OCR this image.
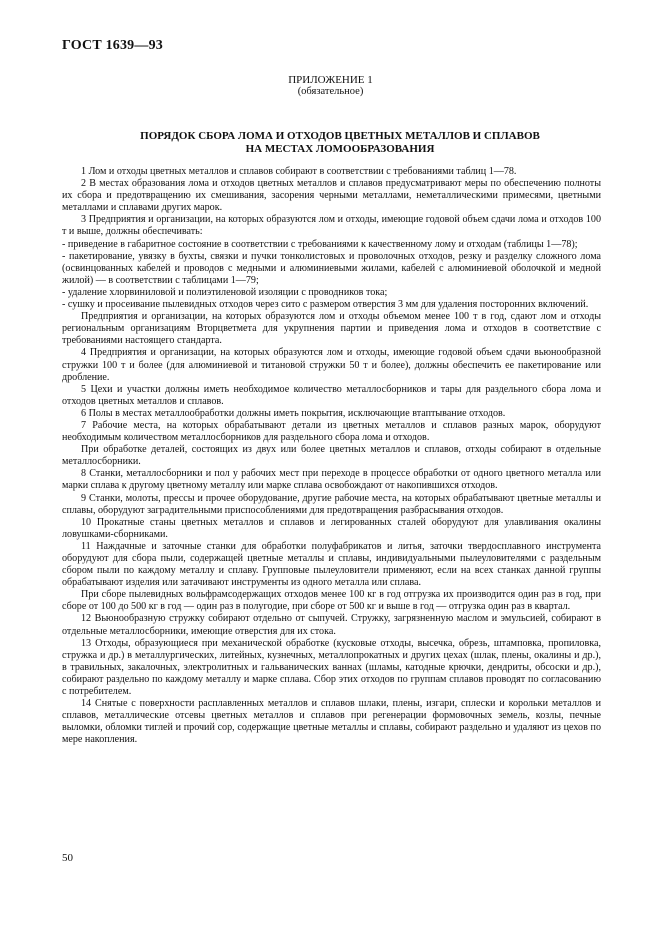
ГОСТ 1639—93
ПРИЛОЖЕНИЕ 1
(обязательное)
ПОРЯДОК СБОРА ЛОМА И ОТХОДОВ ЦВЕТНЫХ МЕТАЛЛОВ И СПЛАВОВ
НА МЕСТАХ ЛОМООБРАЗОВАНИЯ

1 Лом и отходы цветных металлов и сплавов собирают в соответствии с требованиями таблиц 1—78.

2 В местах образования лома и отходов цветных металлов и сплавов предусматривают меры по обеспечению полноты их сбора и предотвращению их смешивания, засорения черными металлами, неметаллическими примесями, цветными металлами и сплавами других марок.

3 Предприятия и организации, на которых образуются лом и отходы, имеющие годовой объем сдачи лома и отходов 100 т и выше, должны обеспечивать:

- приведение в габаритное состояние в соответствии с требованиями к качественному лому и отходам (таблицы 1—78);

- пакетирование, увязку в бухты, связки и пучки тонколистовых и проволочных отходов, резку и разделку сложного лома (освинцованных кабелей и проводов с медными и алюминиевыми жилами, кабелей с алюминиевой оболочкой и медной жилой) — в соответствии с таблицами 1—79;

- удаление хлорвиниловой и полиэтиленовой изоляции с проводников тока;

- сушку и просеивание пылевидных отходов через сито с размером отверстия 3 мм для удаления посторонних включений.

Предприятия и организации, на которых образуются лом и отходы объемом менее 100 т в год, сдают лом и отходы региональным организациям Вторцветмета для укрупнения партии и приведения лома и отходов в соответствие с требованиями настоящего стандарта.

4 Предприятия и организации, на которых образуются лом и отходы, имеющие годовой объем сдачи вьюнообразной стружки 100 т и более (для алюминиевой и титановой стружки 50 т и более), должны обеспечить ее пакетирование или дробление.

5 Цехи и участки должны иметь необходимое количество металлосборников и тары для раздельного сбора лома и отходов цветных металлов и сплавов.

6 Полы в местах металлообработки должны иметь покрытия, исключающие втаптывание отходов.

7 Рабочие места, на которых обрабатывают детали из цветных металлов и сплавов разных марок, оборудуют необходимым количеством металлосборников для раздельного сбора лома и отходов.

При обработке деталей, состоящих из двух или более цветных металлов и сплавов, отходы собирают в отдельные металлосборники.

8 Станки, металлосборники и пол у рабочих мест при переходе в процессе обработки от одного цветного металла или марки сплава к другому цветному металлу или марке сплава освобождают от накопившихся отходов.

9 Станки, молоты, прессы и прочее оборудование, другие рабочие места, на которых обрабатывают цветные металлы и сплавы, оборудуют заградительными приспособлениями для предотвращения разбрасывания отходов.

10 Прокатные станы цветных металлов и сплавов и легированных сталей оборудуют для улавливания окалины ловушками-сборниками.

11 Наждачные и заточные станки для обработки полуфабрикатов и литья, заточки твердосплавного инструмента оборудуют для сбора пыли, содержащей цветные металлы и сплавы, индивидуальными пылеуловителями с раздельным сбором пыли по каждому металлу и сплаву. Групповые пылеуловители применяют, если на всех станках данной группы обрабатывают изделия или затачивают инструменты из одного металла или сплава.

При сборе пылевидных вольфрамсодержащих отходов менее 100 кг в год отгрузка их производится один раз в год, при сборе от 100 до 500 кг в год — один раз в полугодие, при сборе от 500 кг и выше в год — отгрузка один раз в квартал.

12 Вьюнообразную стружку собирают отдельно от сыпучей. Стружку, загрязненную маслом и эмульсией, собирают в отдельные металлосборники, имеющие отверстия для их стока.

13 Отходы, образующиеся при механической обработке (кусковые отходы, высечка, обрезь, штамповка, пропиловка, стружка и др.) в металлургических, литейных, кузнечных, металлопрокатных и других цехах (шлак, плены, окалины и др.), в травильных, закалочных, электролитных и гальванических ваннах (шламы, катодные крючки, дендриты, обсоски и др.), собирают раздельно по каждому металлу и марке сплава. Сбор этих отходов по группам сплавов проводят по согласованию с потребителем.

14 Снятые с поверхности расплавленных металлов и сплавов шлаки, плены, изгари, сплески и корольки металлов и сплавов, металлические отсевы цветных металлов и сплавов при регенерации формовочных земель, козлы, печные выломки, обломки тиглей и прочий сор, содержащие цветные металлы и сплавы, собирают раздельно и удаляют из цехов по мере накопления.

50
